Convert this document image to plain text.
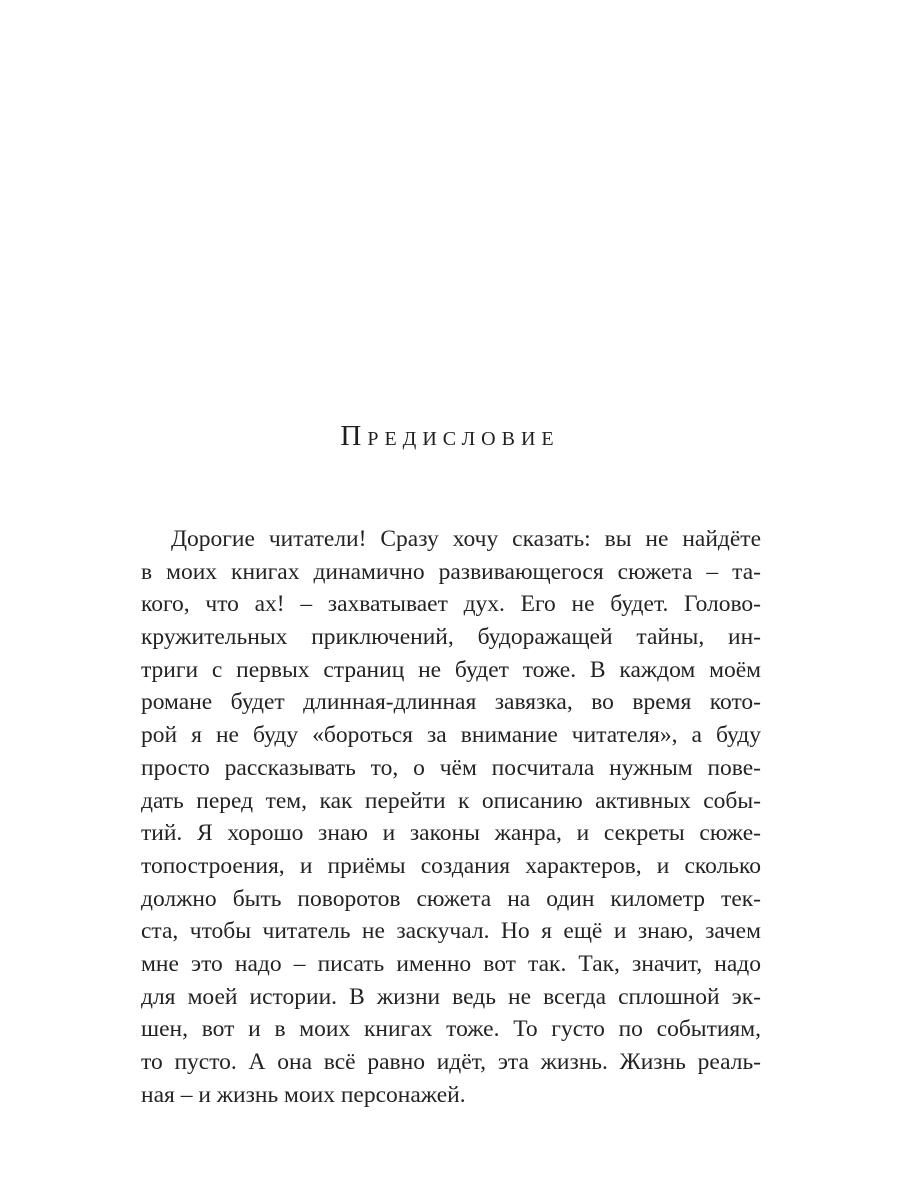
Предисловие
Дорогие читатели! Сразу хочу сказать: вы не найдёте
в моих книгах динамично развивающегося сюжета – та-
кого, что ах! – захватывает дух. Его не будет. Голово-
кружительных приключений, будоражащей тайны, ин-
триги с первых страниц не будет тоже. В каждом моём
романе будет длинная-длинная завязка, во время кото-
рой я не буду «бороться за внимание читателя», а буду
просто рассказывать то, о чём посчитала нужным пове-
дать перед тем, как перейти к описанию активных собы-
тий. Я хорошо знаю и законы жанра, и секреты сюже-
топостроения, и приёмы создания характеров, и сколько
должно быть поворотов сюжета на один километр тек-
ста, чтобы читатель не заскучал. Но я ещё и знаю, зачем
мне это надо – писать именно вот так. Так, значит, надо
для моей истории. В жизни ведь не всегда сплошной эк-
шен, вот и в моих книгах тоже. То густо по событиям,
то пусто. А она всё равно идёт, эта жизнь. Жизнь реаль-
ная – и жизнь моих персонажей.
